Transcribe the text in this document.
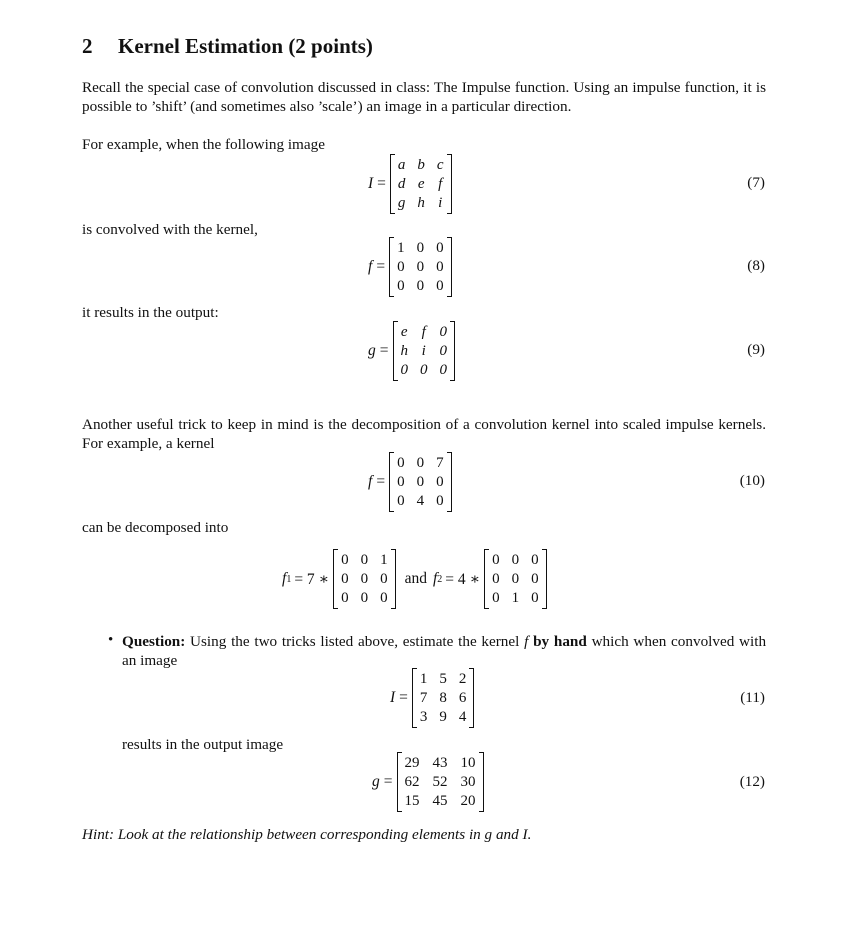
2 Kernel Estimation (2 points)
Recall the special case of convolution discussed in class: The Impulse function. Using an impulse function, it is possible to ’shift’ (and sometimes also ’scale’) an image in a particular direction.
For example, when the following image
I =
a b c
d e f
g h i
(7)
is convolved with the kernel,
f =
1 0 0
0 0 0
0 0 0
(8)
it results in the output:
g =
e f 0
h i 0
0 0 0
(9)
Another useful trick to keep in mind is the decomposition of a convolution kernel into scaled impulse kernels. For example, a kernel
f =
0 0 7
0 0 0
0 4 0
(10)
can be decomposed into
f 1 = 7 ∗
0 0 1
0 0 0
0 0 0
and f 2 = 4 ∗
0 0 0
0 0 0
0 1 0
• Question: Using the two tricks listed above, estimate the kernel f by hand which when convolved with an image
I =
1 5 2
7 8 6
3 9 4
(11)
results in the output image
g =
29 43 10
62 52 30
15 45 20
(12)
Hint: Look at the relationship between corresponding elements in g and I.
